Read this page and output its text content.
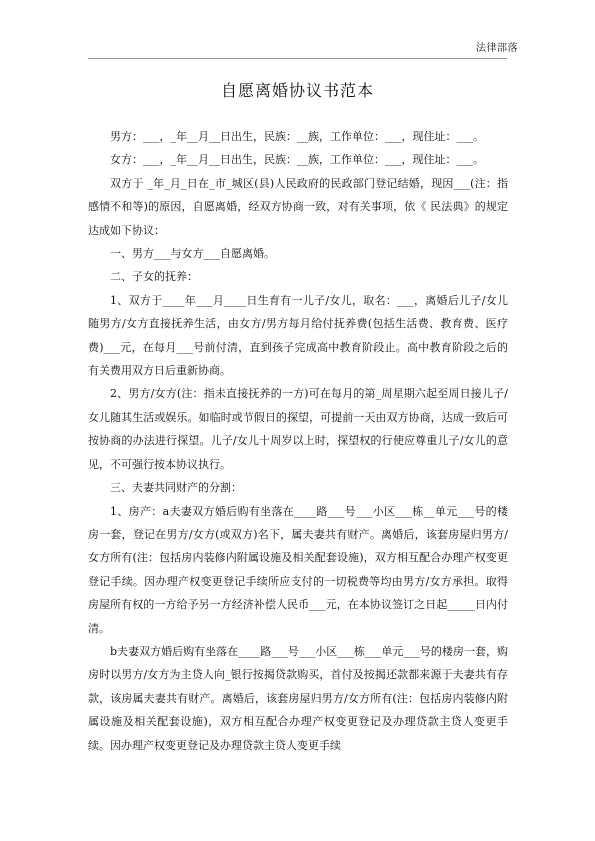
法律部落
自愿离婚协议书范本

男方：___，_年__月__日出生，民族：__族，工作单位：___，现住址：___。

女方：___，_年__月__日出生，民族：__族，工作单位：___，现住址：___。

双方于 _年_月_日在_市_城区(县)人民政府的民政部门登记结婚，现因___(注：指感情不和等)的原因，自愿离婚，经双方协商一致，对有关事项，依《 民法典》的规定达成如下协议：

一、男方___与女方___自愿离婚。

二、子女的抚养：

1、双方于____年___月____日生育有一儿子/女儿，取名：___，离婚后儿子/女儿随男方/女方直接抚养生活，由女方/男方每月给付抚养费(包括生活费、教育费、医疗费)___元，在每月___号前付清，直到孩子完成高中教育阶段止。高中教育阶段之后的有关费用双方日后重新协商。

2、男方/女方(注：指未直接抚养的一方)可在每月的第_周星期六起至周日接儿子/女儿随其生活或娱乐。如临时或节假日的探望，可提前一天由双方协商，达成一致后可按协商的办法进行探望。儿子/女儿十周岁以上时，探望权的行使应尊重儿子/女儿的意见，不可强行按本协议执行。

三、夫妻共同财产的分割：

1、房产：a夫妻双方婚后购有坐落在____路___号___小区___栋__单元___号的楼房一套，登记在男方/女方(或双方)名下，属夫妻共有财产。离婚后，该套房屋归男方/女方所有(注：包括房内装修内附属设施及相关配套设施)，双方相互配合办理产权变更登记手续。因办理产权变更登记手续所应支付的一切税费等均由男方/女方承担。取得房屋所有权的一方给予另一方经济补偿人民币___元，在本协议签订之日起_____日内付清。

b夫妻双方婚后购有坐落在____路___号___小区___栋___单元___号的楼房一套，购房时以男方/女方为主贷人向_银行按揭贷款购买，首付及按揭还款都来源于夫妻共有存款，该房属夫妻共有财产。离婚后，该套房屋归男方/女方所有(注：包括房内装修内附属设施及相关配套设施)，双方相互配合办理产权变更登记及办理贷款主贷人变更手续。因办理产权变更登记及办理贷款主贷人变更手续
